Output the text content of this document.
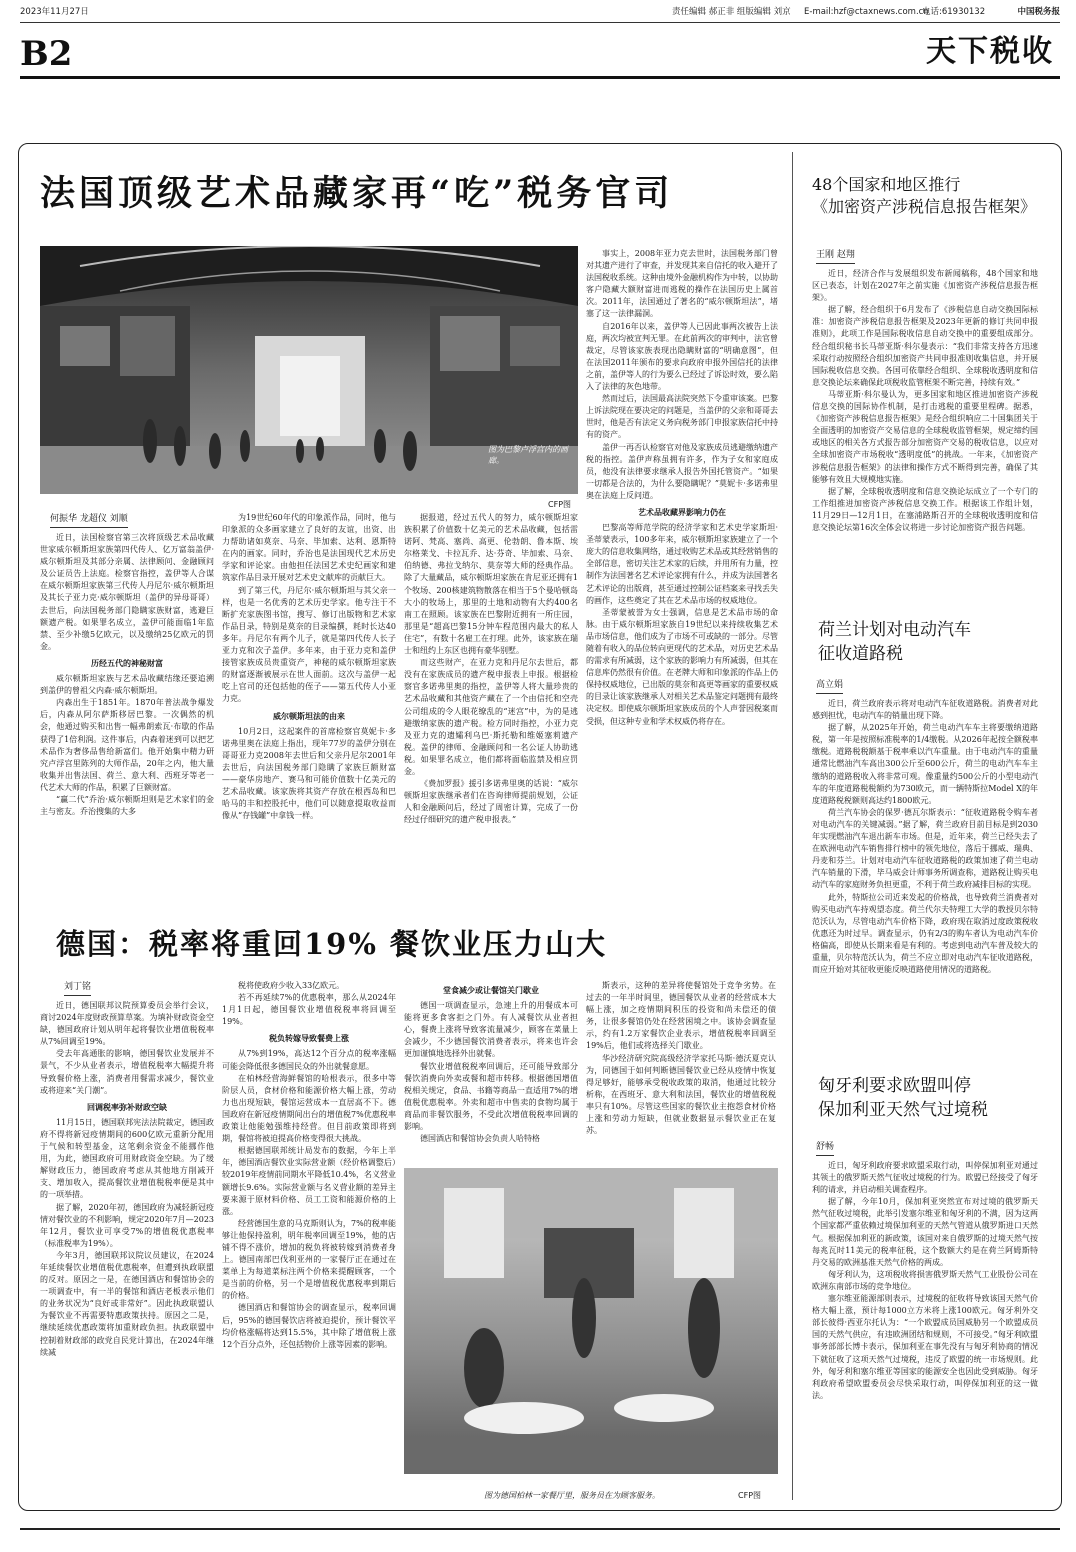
2023年11月27日	责任编辑 郝正非 组版编辑 刘京 E-mail:hzf@ctaxnews.com.cn
电话:61930132	中国税务报
B2	天下税收
法国顶级艺术品藏家再“吃”税务官司
图为巴黎卢浮宫内的画廊。
CFP图
何振华 龙超仪 刘顺

近日，法国检察官第三次将顶级艺术品收藏世家威尔顿斯坦家族第四代传人、亿万富翁盖伊·威尔顿斯坦及其部分亲属、法律顾问、金融顾问及公证员告上法庭。检察官指控，盖伊等人合谋在威尔顿斯坦家族第三代传人丹尼尔·威尔顿斯坦及其长子亚力克·威尔顿斯坦（盖伊的异母哥哥）去世后，向法国税务部门隐瞒家族财富，逃避巨额遗产税。如果罪名成立，盖伊可能面临1年监禁、至少补缴5亿欧元，以及缴纳25亿欧元的罚金。

历经五代的神秘财富

威尔顿斯坦家族与艺术品收藏结缘还要追溯到盖伊的曾祖父内森·威尔顿斯坦。

内森出生于1851年。1870年普法战争爆发后，内森从阿尔萨斯移居巴黎。一次偶然的机会，他通过购买和出售一幅弗朗索瓦·布歇的作品获得了1倍利润。这件事后，内森着迷到可以把艺术品作为奢侈品售给新富们。他开始集中精力研究卢浮宫里陈列的大师作品，20年之内，他大量收集并出售法国、荷兰、意大利、西班牙等老一代艺术大师的作品，积累了巨额财富。

“赢二代”乔治·威尔顿斯坦则是艺术家们的金主与密友。乔治搜集的大多

为19世纪60年代的印象派作品，同时，他与印象派的众多画家建立了良好的友谊，出资、出力帮助诸如莫奈、马奈、毕加索、达利、恩斯特在内的画家。同时，乔治也是法国现代艺术历史学家和评论家。由他担任法国艺术史纪画家和建筑家作品目录开展对艺术史文献库的贡献巨大。

到了第三代，丹尼尔·威尔顿斯坦与其父亲一样，也是一名优秀的艺术历史学家。他专注于不断扩充家族图书馆，搜写、修订出版物和艺术家作品目录，特别是莫奈的目录编撰，耗时长达40多年。丹尼尔有两个儿子，就是第四代传人长子亚力克和次子盖伊。多年来，由于亚力克和盖伊接管家族成员贵重资产，神秘的威尔顿斯坦家族的财富逐渐被展示在世人面前。这次与盖伊一起吃上官司的还包括他的侄子——第五代传人小亚力克。

威尔顿斯坦法的由来

10月2日，这起案件的首席检察官莫妮卡·多诺弗里奥在法庭上指出，现年77岁的盖伊分别在哥哥亚力克2008年去世后和父亲丹尼尔2001年去世后，向法国税务部门隐瞒了家族巨额财富——豪华房地产、赛马和可能价值数十亿美元的艺术品收藏。该家族将其资产存放在根西岛和巴哈马的丰和控股托中，他们可以随意提取收益而像从“存钱罐”中拿钱一样。

据报道，经过五代人的努力，威尔顿斯坦家族积累了价值数十亿美元的艺术品收藏，包括雷诺阿、梵高、塞尚、高更、伦勃朗、鲁本斯、埃尔格莱戈、卡拉瓦乔、达·芬奇、毕加索、马奈、伯纳德、弗拉戈纳尔、莫奈等大师的经典作品。除了大量藏品，威尔顿斯坦家族在肯尼亚还拥有1个牧场、200核建筑物散落在相当于5个曼哈顿岛大小的牧场上，那里的土地和动物有大约400名南工在照顾。该家族在巴黎附近拥有一所庄园，那里是“超高巴黎15分钟车程范围内最大的私人住宅”，有数十名雇工在打理。此外，该家族在瑞士和纽约上东区也拥有豪华别墅。

而这些财产，在亚力克和丹尼尔去世后，都没有在家族成员的遗产税申报表上申报。根据检察官多诺弗里奥的指控，盖伊等人将大量珍贵的艺术品收藏和其他资产藏在了一个由信托和空壳公司组成的令人眼花缭乱的“迷宫”中，为的是逃避缴纳家族的遗产税。检方同时指控，小亚力克及亚力克的遗孀利乌巴·斯托勒和维姬塞莉遗产税。盖伊的律师、金融顾问和一名公证人协助逃税。如果罪名成立，他们都将面临监禁及相应罚金。

《费加罗报》援引多诺弗里奥的话说：“威尔顿斯坦家族继承者们在咨询律师提前规划，公证人和金融顾问后，经过了周密计算，完成了一份经过仔细研究的遗产税申报表。”

事实上，2008年亚力克去世时，法国税务部门曾对其遗产进行了审查，并发现其来自信托的收入避开了法国税收系统。这种由境外金融机构作为中转，以协助客户隐藏大额财富进而逃税的操作在法国历史上属首次。2011年，法国通过了著名的“威尔顿斯坦法”，堵塞了这一法律漏洞。

自2016年以来，盖伊等人已因此事两次被告上法庭，两次均被宣判无罪。在此前两次的审判中，法官曾裁定，尽管该家族表现出隐瞒财富的“明确意图”，但在法国2011年颁布的要求向政府申报外国信托的法律之前，盖伊等人的行为要么已经过了诉讼时效，要么陷入了法律的灰色地带。

然而过后，法国最高法院突然下令重审该案。巴黎上诉法院现在要决定的问题是，当盖伊的父亲和哥哥去世时，他是否有法定义务向税务部门申报家族信托中持有的资产。

盖伊一再否认检察官对他及家族成员逃避缴纳遗产税的指控。盖伊声称虽拥有许多，作为子女和家庭成员，他没有法律要求继承人报告外国托管资产。“如果一切都是合法的，为什么要隐瞒呢？”莫妮卡·多诺弗里奥在法庭上反问道。

艺术品收藏界影响力仍在

巴黎高等师范学院的经济学家和艺术史学家斯坦·圣蒂蒙表示，100多年来，威尔顿斯坦家族建立了一个庞大的信息收集网络，通过收购艺术品或其经营销售的全部信息，密切关注艺术家的后续，并用所有力量，控制作为法国著名艺术评论家拥有什么，并成为法国著名艺术评论的出版商，甚至通过控制公证档案来寻找丢失的画作，这些奠定了其在艺术品市场的权威地位。

圣蒂蒙被誉为女士强调，信息是艺术品市场的命脉。由于威尔顿斯坦家族自19世纪以来持续收集艺术品市场信息，他们成为了市场不可或缺的一部分。尽管随着有收入的品位转向更现代的艺术品，对历史艺术品的需求有所减弱，这个家族的影响力有所减弱，但其在信息库仍然很有价值。在老牌大师和印象派的作品上仍保持权威地位，已出版的莫奈和高更等画家的重要权威的目录让该家族继承人对相关艺术品鉴定问题拥有最终决定权。即使威尔顿斯坦家族成员的个人声誉因税案而受损，但这种专业和学术权威仍将存在。

德国：税率将重回19% 餐饮业压力山大
刘丁铭

近日，德国联邦议院预算委员会举行会议，商讨2024年度财政预算草案。为填补财政资金空缺，德国政府计划从明年起将餐饮业增值税税率从7%回调至19%。

受去年高通胀的影响，德国餐饮业发展并不景气，不少从业者表示，增值税税率大幅提升将导致餐价格上涨，消费者用餐需求减少，餐饮业或将迎来“关门潮”。

回调税率弥补财政空缺

11月15日，德国联邦宪法法院裁定，德国政府不得将新冠疫情期间的600亿欧元重新分配用于气候和转型基金，这笔剩余资金不能挪作他用，为此，德国政府可用财政资金空缺。为了缓解财政压力，德国政府考虑从其他地方削减开支、增加收入，提高餐饮业增值税税率便是其中的一项举措。

据了解，2020年初，德国政府为减轻新冠疫情对餐饮业的不利影响，规定2020年7月—2023年12月，餐饮业可享受7%的增值税优惠税率（标准税率为19%）。

今年3月，德国联邦议院议员建议，在2024年延续餐饮业增值税优惠税率，但遭到执政联盟的反对。原因之一是，在德国酒店和餐馆协会的一项调查中，有一半的餐馆和酒店老板表示他们的业务状况为“良好或非常好”。因此执政联盟认为餐饮业不再需要特惠政策扶持。原因之二是，继续延续优惠政策将加重财政负担。执政联盟中控制着财政部的政党自民党计算出，在2024年继续减

税将使政府少收入33亿欧元。

若不再延续7%的优惠税率，那么从2024年1月1日起，德国餐饮业增值税税率将回调至19%。

税负转嫁导致餐费上涨

从7%到19%，高达12个百分点的税率涨幅可能会降低很多德国民众的外出就餐意愿。

在柏林经营海鲜餐馆的哈根表示，很多中等阶层人员，食材价格和能源价格大幅上涨，劳动力也出现短缺，餐馆运营成本一直居高不下。德国政府在新冠疫情期间出台的增值税7%优惠税率政策让他能勉强维持经营。但目前政策即将到期，餐馆将被迫提高价格变得很大挑战。

根据德国联邦统计局发布的数据，今年上半年，德国酒店餐饮业实际营业额（经价格调整后）较2019年疫情前同期水平降低10.4%，名义营业额增长9.6%。实际营业额与名义营业额的差异主要来源于原材料价格、员工工资和能源价格的上涨。

经营德国生意的马克斯则认为，7%的税率能够让他保持盈利，明年税率回调至19%，他的店铺不得不涨价，增加的税负将被转嫁到消费者身上。德国南部巴伐利亚州的一家餐厅正在通过在菜单上为每道菜标注两个价格来提醒顾客，一个是当前的价格，另一个是增值税优惠税率到期后的价格。

德国酒店和餐馆协会的调查显示，税率回调后，95%的德国餐饮店将被迫提价，预计餐饮平均价格涨幅将达到15.5%，其中除了增值税上涨12个百分点外，还包括物价上涨等因素的影响。

堂食减少或让餐馆关门歇业

德国一项调查显示，急速上升的用餐成本可能将更多食客拒之门外。有人减餐饮从业者担心，餐费上涨将导致客流量减少，顾客在菜量上会减少，不少德国餐饮消费者表示，将来也许会更加谨慎地选择外出就餐。

餐饮业增值税税率回调后，还可能导致部分餐饮消费向外卖或餐和超市转移。根据德国增值税相关规定，食品、书籍等商品一直适用7%的增值税优惠税率。外卖和超市中售卖的食物均属于商品而非餐饮服务，不受此次增值税税率回调的影响。

德国酒店和餐馆协会负责人哈特格

斯表示，这种的差异将使餐馆处于竞争劣势。在过去的一年半时间里，德国餐饮从业者的经营成本大幅上涨，加之疫情期间积压的投资和尚未偿还的债务，让很多餐馆仍处在经营困境之中。该协会调查显示，约有1.2万家餐饮企业表示，增值税税率回调至19%后，他们或将选择关门歇业。

华沙经济研究院高级经济学家托马斯·德沃夏克认为，同德国于如何判断德国餐饮业已经从疫情中恢复得足够好，能够承受税收政策的取消，他通过比较分析称，在西班牙、意大利和法国，餐饮业的增值税税率只有10%。尽管这些国家的餐饮业主抱怨食材价格上涨和劳动力短缺，但就业数据显示餐饮业正在复苏。

图为德国柏林一家餐厅里，服务员在为顾客服务。	CFP图
48个国家和地区推行
《加密资产涉税信息报告框架》
王刚 赵翔

近日，经济合作与发展组织发布新闻稿称，48个国家和地区已表态，计划在2027年之前实施《加密资产涉税信息报告框架》。

据了解，经合组织于6月发布了《涉税信息自动交换国际标准：加密资产涉税信息报告框架及2023年更新的修订共同申报准则》，此项工作是国际税收信息自动交换中的重要组成部分。经合组织秘书长马蒂亚斯·科尔曼表示：“我们非常支持各方迅速采取行动按照经合组织加密资产共同申报准则收集信息，并开展国际税收信息交换。各国可依靠经合组织、全球税收透明度和信息交换论坛来确保此项税收监管框架不断完善，持续有效。”

马蒂亚斯·科尔曼认为，更多国家和地区推进加密资产涉税信息交换的国际协作机制，是打击逃税的重要里程碑。据悉，《加密资产涉税信息报告框架》是经合组织响应二十国集团关于全面透明的加密资产交易信息的全球税收监管框架，规定缔约国或地区的相关各方式报告部分加密资产交易的税收信息，以应对全球加密资产市场税收“透明度低”的挑战。一年来，《加密资产涉税信息报告框架》的法律和操作方式不断得到完善，确保了其能够有效且大规模地实施。

据了解，全球税收透明度和信息交换论坛成立了一个专门的工作组推进加密资产涉税信息交换工作。根据该工作组计划，11月29日—12月1日，在塞浦路斯召开的全球税收透明度和信息交换论坛第16次全体会议将进一步讨论加密资产报告问题。

荷兰计划对电动汽车
征收道路税
高立娟

近日，荷兰政府表示将对电动汽车征收道路税。消费者对此感到担忧，电动汽车的销量出现下降。

据了解，从2025年开始，荷兰电动汽车车主将要缴纳道路税，第一年是按照标准税率的1/4缴税。从2026年起按全额税率缴税。道路税税额基于税率乘以汽车重量。由于电动汽车的重量通常比燃油汽车高出300公斤至600公斤，荷兰的电动汽车车主缴纳的道路税收入将非常可观。像重量约500公斤的小型电动汽车的年度道路税税额约为730欧元，而一辆特斯拉Model X的年度道路税税额则高达约1800欧元。

荷兰汽车协会的保罗·德瓦尔斯表示：“征收道路税令购车者对电动汽车的关键减弱。”据了解，荷兰政府目前目标是到2030年实现燃油汽车退出新车市场。但是，近年来，荷兰已经失去了在欧洲电动汽车销售排行榜中的领先地位，落后于挪威、瑞典、丹麦和芬兰。计划对电动汽车征收道路税的政策加速了荷兰电动汽车销量的下滑，毕马威会计师事务所调查称，道路税让购买电动汽车的家庭财务负担更重，不利于荷兰政府减排目标的实现。

此外，特斯拉公司近来发起的价格战，也导致荷兰消费者对购买电动汽车持观望态度。荷兰代尔夫特理工大学的教授贝尔特范沃认为，尽管电动汽车价格下降，政府现在取消过度政策税收优惠还为时过早。调查显示，仍有2/3的购车者认为电动汽车价格偏高，即使从长期来看是有利的。考虑到电动汽车普及较大的重量，贝尔特范沃认为，荷兰不应立即对电动汽车征收道路税，而应开始对其征收更能反映道路使用情况的道路税。

匈牙利要求欧盟叫停
保加利亚天然气过境税
舒畅

近日，匈牙利政府要求欧盟采取行动，叫停保加利亚对通过其领土的俄罗斯天然气征收过境税的行为。欧盟已经接受了匈牙利的请求，并启动相关调查程序。

据了解，今年10月，保加利亚突然宣布对过境的俄罗斯天然气征收过境税，此举引发塞尔维亚和匈牙利的不满，因为这两个国家都严重依赖过境保加利亚的天然气管道从俄罗斯进口天然气。根据保加利亚的新政策，该国对来自俄罗斯的过境天然气按每兆瓦时11美元的税率征税，这个数额大约是在荷兰阿姆斯特丹交易的欧洲基准天然气价格的两成。

匈牙利认为，这项税收将损害俄罗斯天然气工业股份公司在欧洲东南部市场的竞争地位。

塞尔维亚能源部则表示，过境税的征收将导致该国天然气价格大幅上涨，预计每1000立方米将上涨100欧元。匈牙利外交部长彼得·西亚尔托认为：“一个欧盟成员国威胁另一个欧盟成员国的天然气供应，有违欧洲团结和规则，不可接受。”匈牙利欧盟事务部部长博卡表示，保加利亚在事先没有与匈牙利协商的情况下就征收了这项天然气过境税，违反了欧盟的统一市场规则。此外，匈牙利和塞尔维亚等国家的能源安全也因此受到威胁。匈牙利政府希望欧盟委员会尽快采取行动，叫停保加利亚的这一做法。
